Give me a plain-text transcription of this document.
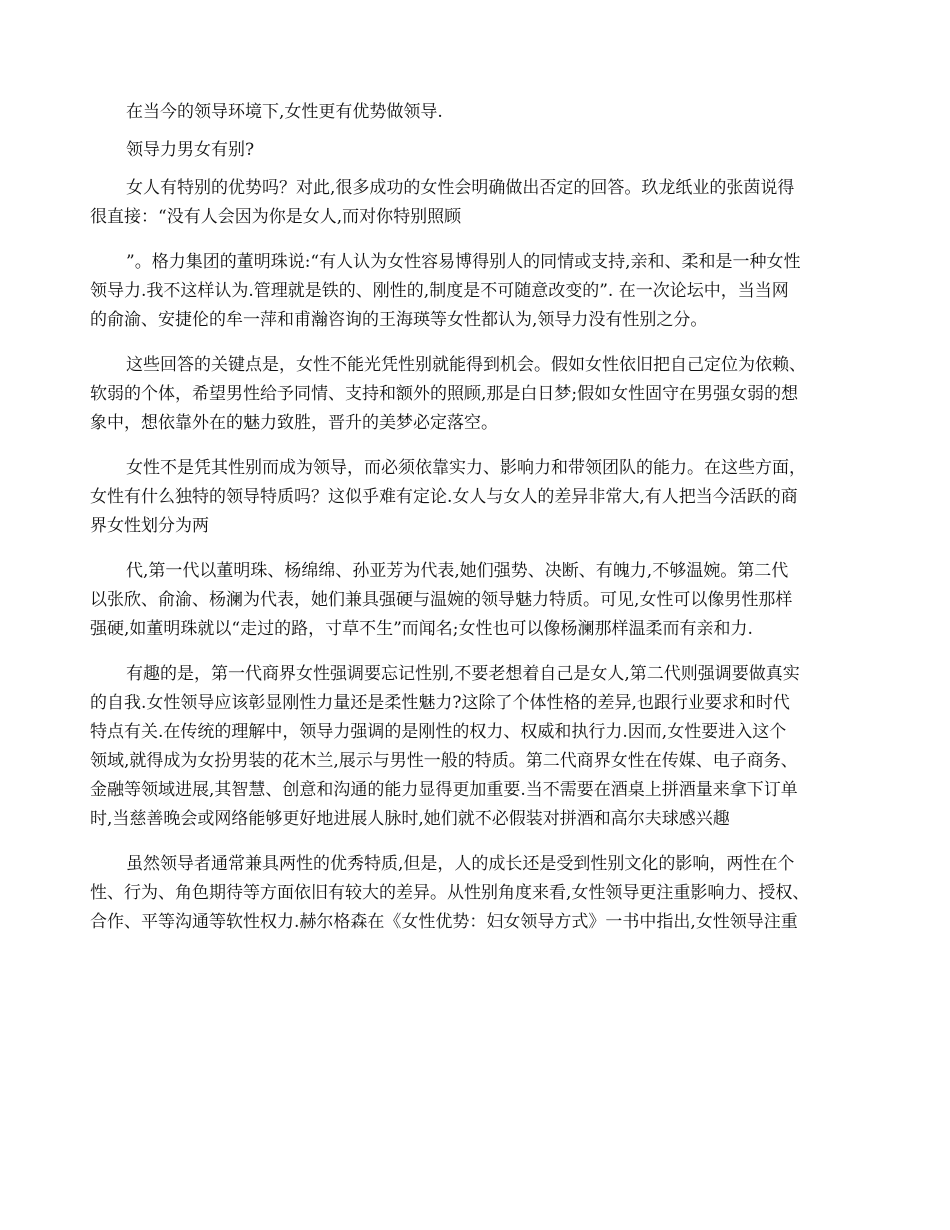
在当今的领导环境下,女性更有优势做领导.
领导力男女有别?
女人有特别的优势吗？对此,很多成功的女性会明确做出否定的回答。玖龙纸业的张茵说得
很直接：“没有人会因为你是女人,而对你特别照顾
”。格力集团的董明珠说:“有人认为女性容易博得别人的同情或支持,亲和、柔和是一种女性
领导力.我不这样认为.管理就是铁的、刚性的,制度是不可随意改变的”. 在一次论坛中，当当网
的俞渝、安捷伦的牟一萍和甫瀚咨询的王海瑛等女性都认为,领导力没有性别之分。
这些回答的关键点是，女性不能光凭性别就能得到机会。假如女性依旧把自己定位为依赖、
软弱的个体，希望男性给予同情、支持和额外的照顾,那是白日梦;假如女性固守在男强女弱的想
象中，想依靠外在的魅力致胜，晋升的美梦必定落空。
女性不是凭其性别而成为领导，而必须依靠实力、影响力和带领团队的能力。在这些方面，
女性有什么独特的领导特质吗？这似乎难有定论.女人与女人的差异非常大,有人把当今活跃的商
界女性划分为两
代,第一代以董明珠、杨绵绵、孙亚芳为代表,她们强势、决断、有魄力,不够温婉。第二代
以张欣、俞渝、杨澜为代表，她们兼具强硬与温婉的领导魅力特质。可见,女性可以像男性那样
强硬,如董明珠就以“走过的路，寸草不生”而闻名;女性也可以像杨澜那样温柔而有亲和力.
有趣的是，第一代商界女性强调要忘记性别,不要老想着自己是女人,第二代则强调要做真实
的自我.女性领导应该彰显刚性力量还是柔性魅力?这除了个体性格的差异,也跟行业要求和时代
特点有关.在传统的理解中，领导力强调的是刚性的权力、权威和执行力.因而,女性要进入这个
领域,就得成为女扮男装的花木兰,展示与男性一般的特质。第二代商界女性在传媒、电子商务、
金融等领域进展,其智慧、创意和沟通的能力显得更加重要.当不需要在酒桌上拼酒量来拿下订单
时,当慈善晚会或网络能够更好地进展人脉时,她们就不必假装对拼酒和高尔夫球感兴趣
虽然领导者通常兼具两性的优秀特质,但是，人的成长还是受到性别文化的影响，两性在个
性、行为、角色期待等方面依旧有较大的差异。从性别角度来看,女性领导更注重影响力、授权、
合作、平等沟通等软性权力.赫尔格森在《女性优势：妇女领导方式》一书中指出,女性领导注重
